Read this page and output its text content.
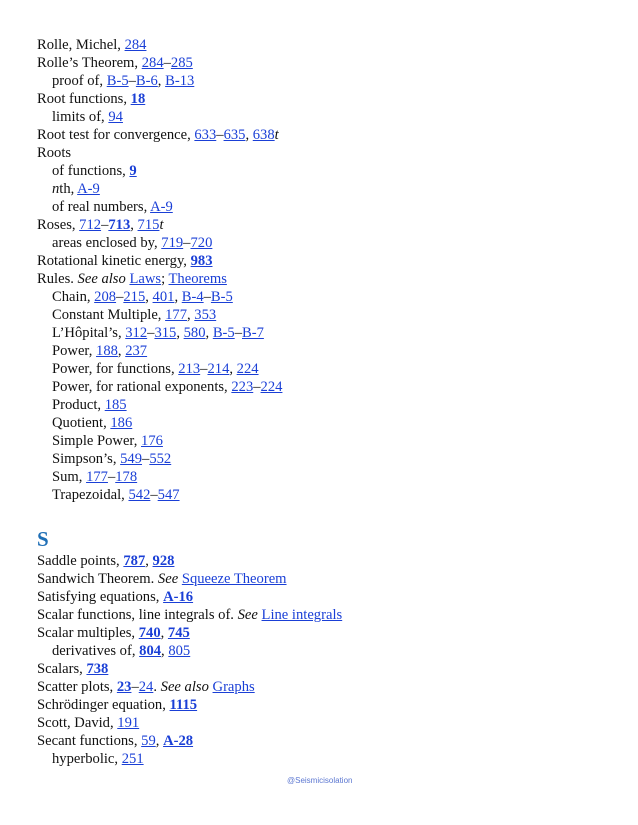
Rolle, Michel, 284
Rolle’s Theorem, 284–285
proof of, B-5–B-6, B-13
Root functions, 18
limits of, 94
Root test for convergence, 633–635, 638t
Roots
of functions, 9
nth, A-9
of real numbers, A-9
Roses, 712–713, 715t
areas enclosed by, 719–720
Rotational kinetic energy, 983
Rules. See also Laws; Theorems
Chain, 208–215, 401, B-4–B-5
Constant Multiple, 177, 353
L’Hôpital’s, 312–315, 580, B-5–B-7
Power, 188, 237
Power, for functions, 213–214, 224
Power, for rational exponents, 223–224
Product, 185
Quotient, 186
Simple Power, 176
Simpson’s, 549–552
Sum, 177–178
Trapezoidal, 542–547
S
Saddle points, 787, 928
Sandwich Theorem. See Squeeze Theorem
Satisfying equations, A-16
Scalar functions, line integrals of. See Line integrals
Scalar multiples, 740, 745
derivatives of, 804, 805
Scalars, 738
Scatter plots, 23–24. See also Graphs
Schrödinger equation, 1115
Scott, David, 191
Secant functions, 59, A-28
hyperbolic, 251
@Seismicisolation
